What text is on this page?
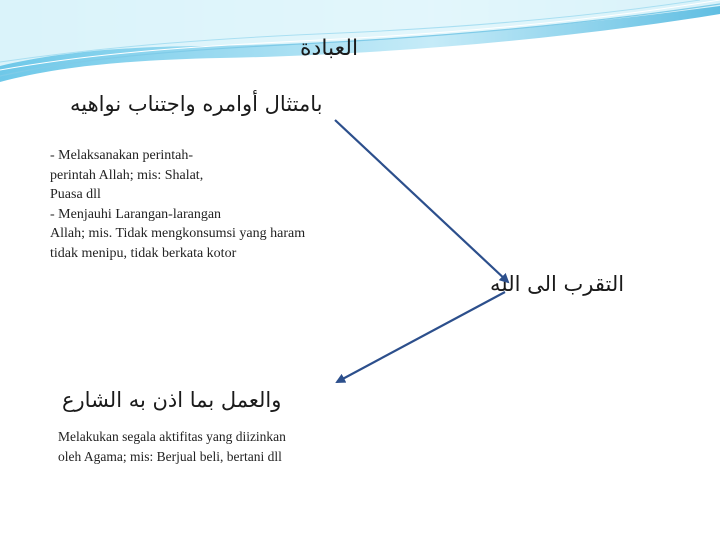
العبادة
بامتثال أوامره واجتناب نواهيه
- Melaksanakan perintah-
perintah Allah; mis: Shalat,
Puasa dll
- Menjauhi Larangan-larangan
Allah; mis. Tidak mengkonsumsi yang haram
tidak menipu, tidak berkata kotor
التقرب الى الله
والعمل بما اذن به الشارع
Melakukan segala aktifitas yang diizinkan
oleh Agama; mis: Berjual beli, bertani dll
